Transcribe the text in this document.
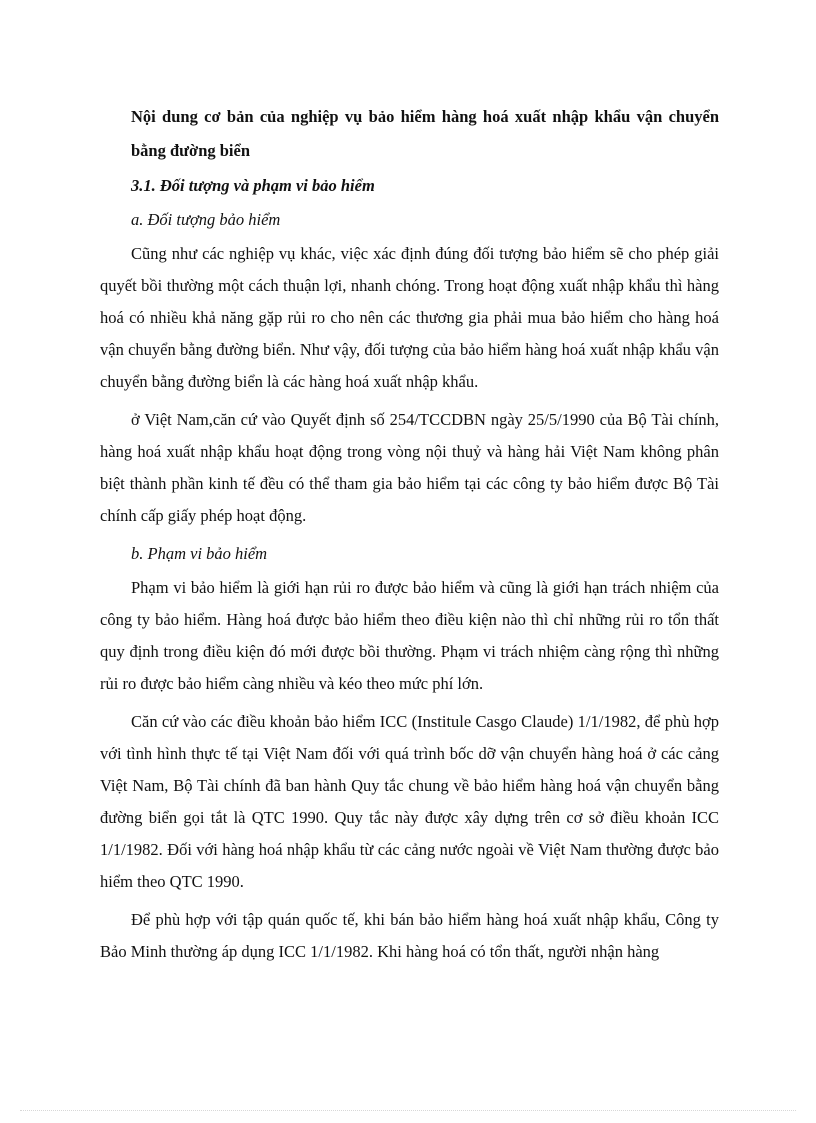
Nội dung cơ bản của nghiệp vụ bảo hiểm hàng hoá xuất nhập khẩu vận chuyển bằng đường biển

3.1. Đối tượng và phạm vi bảo hiểm

a. Đối tượng bảo hiểm

Cũng như các nghiệp vụ khác, việc xác định đúng đối tượng bảo hiểm sẽ cho phép giải quyết bồi thường một cách thuận lợi, nhanh chóng. Trong hoạt động xuất nhập khẩu thì hàng hoá có nhiều khả năng gặp rủi ro cho nên các thương gia phải mua bảo hiểm cho hàng hoá vận chuyển bằng đường biển. Như vậy, đối tượng của bảo hiểm hàng hoá xuất nhập khẩu vận chuyển bằng đường biển là các hàng hoá xuất nhập khẩu.

ở Việt Nam,căn cứ vào Quyết định số 254/TCCDBN ngày 25/5/1990 của Bộ Tài chính, hàng hoá xuất nhập khẩu hoạt động trong vòng nội thuỷ và hàng hải Việt Nam không phân biệt thành phần kinh tế đều có thể tham gia bảo hiểm tại các công ty bảo hiểm được Bộ Tài chính cấp giấy phép hoạt động.

b. Phạm vi bảo hiểm

Phạm vi bảo hiểm là giới hạn rủi ro được bảo hiểm và cũng là giới hạn trách nhiệm của công ty bảo hiểm. Hàng hoá được bảo hiểm theo điều kiện nào thì chỉ những rủi ro tổn thất quy định trong điều kiện đó mới được bồi thường. Phạm vi trách nhiệm càng rộng thì những rủi ro được bảo hiểm càng nhiều và kéo theo mức phí lớn.

Căn cứ vào các điều khoản bảo hiểm ICC (Institule Casgo Claude) 1/1/1982, để phù hợp với tình hình thực tế tại Việt Nam đối với quá trình bốc dỡ vận chuyển hàng hoá ở các cảng Việt Nam, Bộ Tài chính đã ban hành Quy tắc chung về bảo hiểm hàng hoá vận chuyển bằng đường biển gọi tắt là QTC 1990. Quy tắc này được xây dựng trên cơ sở điều khoản ICC 1/1/1982. Đối với hàng hoá nhập khẩu từ các cảng nước ngoài về Việt Nam thường được bảo hiểm theo QTC 1990.

Để phù hợp với tập quán quốc tế, khi bán bảo hiểm hàng hoá xuất nhập khẩu, Công ty Bảo Minh thường áp dụng ICC 1/1/1982. Khi hàng hoá có tổn thất, người nhận hàng
